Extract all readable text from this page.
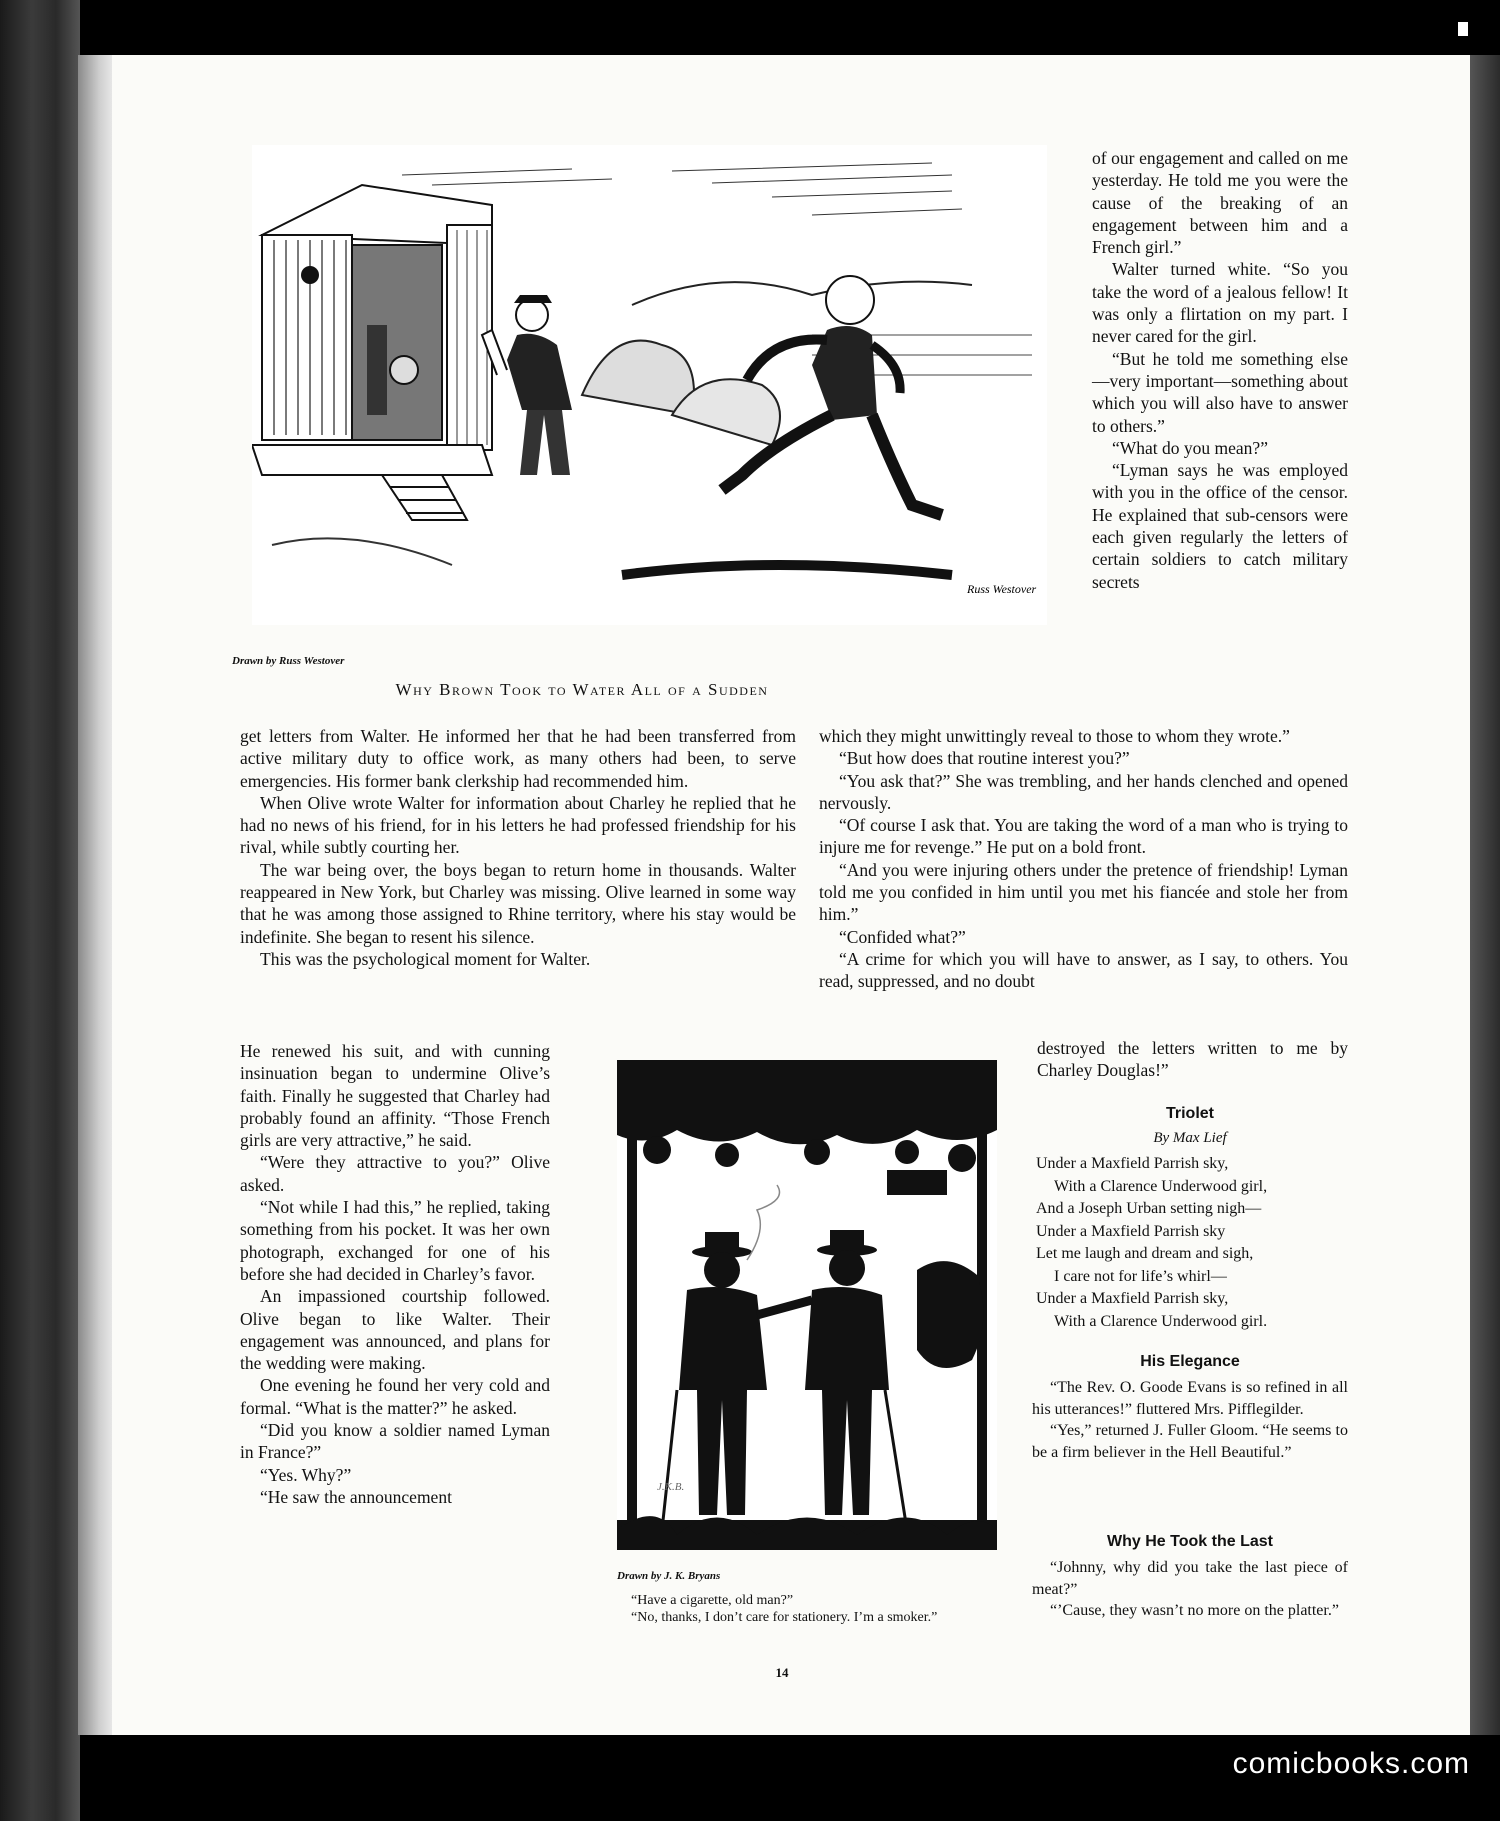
Russ Westover
Drawn by Russ Westover
Why Brown Took to Water All of a Sudden

of our engagement and called on me yesterday. He told me you were the cause of the breaking of an engagement between him and a French girl.”

Walter turned white. “So you take the word of a jealous fellow! It was only a flirtation on my part. I never cared for the girl.

“But he told me something else—very important—something about which you will also have to answer to others.”

“What do you mean?”

“Lyman says he was employed with you in the office of the censor. He explained that sub-censors were each given regularly the letters of certain soldiers to catch military secrets

get letters from Walter. He informed her that he had been transferred from active military duty to office work, as many others had been, to serve emergencies. His former bank clerkship had recommended him.

When Olive wrote Walter for information about Charley he replied that he had no news of his friend, for in his letters he had professed friendship for his rival, while subtly courting her.

The war being over, the boys began to return home in thousands. Walter reappeared in New York, but Charley was missing. Olive learned in some way that he was among those assigned to Rhine territory, where his stay would be indefinite. She began to resent his silence.

This was the psychological moment for Walter.

which they might unwittingly reveal to those to whom they wrote.”

“But how does that routine interest you?”

“You ask that?” She was trembling, and her hands clenched and opened nervously.

“Of course I ask that. You are taking the word of a man who is trying to injure me for revenge.” He put on a bold front.

“And you were injuring others under the pretence of friendship! Lyman told me you confided in him until you met his fiancée and stole her from him.”

“Confided what?”

“A crime for which you will have to answer, as I say, to others. You read, suppressed, and no doubt

destroyed the letters written to me by Charley Douglas!”

He renewed his suit, and with cunning insinuation began to undermine Olive’s faith. Finally he suggested that Charley had probably found an affinity. “Those French girls are very attractive,” he said.

“Were they attractive to you?” Olive asked.

“Not while I had this,” he replied, taking something from his pocket. It was her own photograph, exchanged for one of his before she had decided in Charley’s favor.

An impassioned courtship followed. Olive began to like Walter. Their engagement was announced, and plans for the wedding were making.

One evening he found her very cold and formal. “What is the matter?” he asked.

“Did you know a soldier named Lyman in France?”

“Yes. Why?”

“He saw the announcement	J.K.B.
Drawn by J. K. Bryans

“Have a cigarette, old man?”

“No, thanks, I don’t care for stationery. I’m a smoker.”

Triolet
By Max Lief
Under a Maxfield Parrish sky,
With a Clarence Underwood girl,
And a Joseph Urban setting nigh—
Under a Maxfield Parrish sky
Let me laugh and dream and sigh,
I care not for life’s whirl—
Under a Maxfield Parrish sky,
With a Clarence Underwood girl.
His Elegance

“The Rev. O. Goode Evans is so refined in all his utterances!” fluttered Mrs. Pifflegilder.

“Yes,” returned J. Fuller Gloom. “He seems to be a firm believer in the Hell Beautiful.”

Why He Took the Last

“Johnny, why did you take the last piece of meat?”

“’Cause, they wasn’t no more on the platter.”

14
comicbooks.com
